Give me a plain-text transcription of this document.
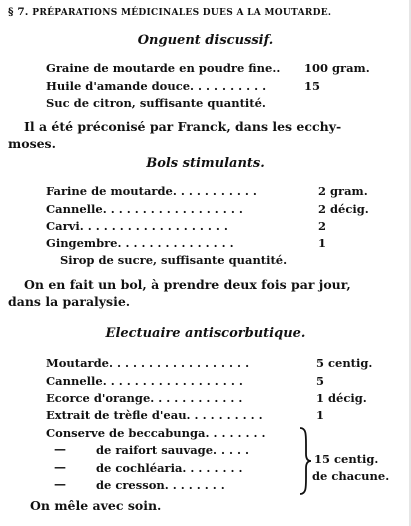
§ 7. PRÉPARATIONS MÉDICINALES DUES A LA MOUTARDE.
Onguent discussif.
Graine de moutarde en poudre fine.. 100 gram.
Huile d'amande douce. . . . . . . . . .	15
Suc de citron, suffisante quantité.
Il a été préconisé par Franck, dans les ecchy-
moses.
Bols stimulants.
Farine de moutarde. . . . . . . . . . .	2 gram.
Cannelle. . . . . . . . . . . . . . . . . .	2 décig.
Carvi. . . . . . . . . . . . . . . . . . .	2
Gingembre. . . . . . . . . . . . . . .	1
Sirop de sucre, suffisante quantité.
On en fait un bol, à prendre deux fois par jour,
dans la paralysie.
Electuaire antiscorbutique.
Moutarde. . . . . . . . . . . . . . . . . .	5 centig.
Cannelle. . . . . . . . . . . . . . . . . .	5
Ecorce d'orange. . . . . . . . . . . .	1 décig.
Extrait de trèfle d'eau. . . . . . . . . .	1
Conserve de beccabunga. . . . . . . .
—	de raifort sauvage. . . . .
—	de cochléaria. . . . . . . .
—	de cresson. . . . . . . .
15 centig.
de chacune.
On mêle avec soin.
